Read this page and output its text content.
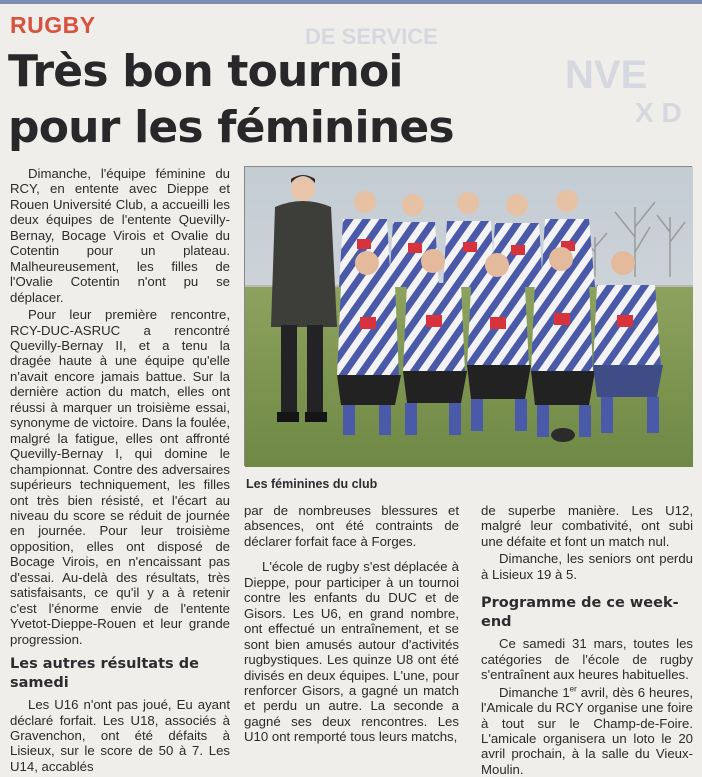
DE SERVICE
NVE
X D
RUGBY
Très bon tournoi
pour les féminines

Dimanche, l'équipe féminine du RCY, en entente avec Dieppe et Rouen Université Club, a accueilli les deux équipes de l'entente Quevilly-Bernay, Bocage Virois et Ovalie du Cotentin pour un plateau. Malheureusement, les filles de l'Ovalie Cotentin n'ont pu se déplacer.

Pour leur première rencontre, RCY-DUC-ASRUC a rencontré Quevilly-Bernay II, et a tenu la dragée haute à une équipe qu'elle n'avait encore jamais battue. Sur la dernière action du match, elles ont réussi à marquer un troisième essai, synonyme de victoire. Dans la foulée, malgré la fatigue, elles ont affronté Quevilly-Bernay I, qui domine le championnat. Contre des adversaires supérieurs techniquement, les filles ont très bien résisté, et l'écart au niveau du score se réduit de journée en journée. Pour leur troisième opposition, elles ont disposé de Bocage Virois, en n'encaissant pas d'essai. Au-delà des résultats, très satisfaisants, ce qu'il y a à retenir c'est l'énorme envie de l'entente Yvetot-Dieppe-Rouen et leur grande progression.

Les autres résultats de samedi

Les U16 n'ont pas joué, Eu ayant déclaré forfait. Les U18, associés à Gravenchon, ont été défaits à Lisieux, sur le score de 50 à 7. Les U14, accablés

Les féminines du club

par de nombreuses blessures et absences, ont été contraints de déclarer forfait face à Forges.

L'école de rugby s'est déplacée à Dieppe, pour participer à un tournoi contre les enfants du DUC et de Gisors. Les U6, en grand nombre, ont effectué un entraînement, et se sont bien amusés autour d'activités rugbystiques. Les quinze U8 ont été divisés en deux équipes. L'une, pour renforcer Gisors, a gagné un match et perdu un autre. La seconde a gagné ses deux rencontres. Les U10 ont remporté tous leurs matchs,

de superbe manière. Les U12, malgré leur combativité, ont subi une défaite et font un match nul.

Dimanche, les seniors ont perdu à Lisieux 19 à 5.

Programme de ce week-end

Ce samedi 31 mars, toutes les catégories de l'école de rugby s'entraînent aux heures habituelles.

Dimanche 1er avril, dès 6 heures, l'Amicale du RCY organise une foire à tout sur le Champ-de-Foire. L'amicale organisera un loto le 20 avril prochain, à la salle du Vieux-Moulin.
